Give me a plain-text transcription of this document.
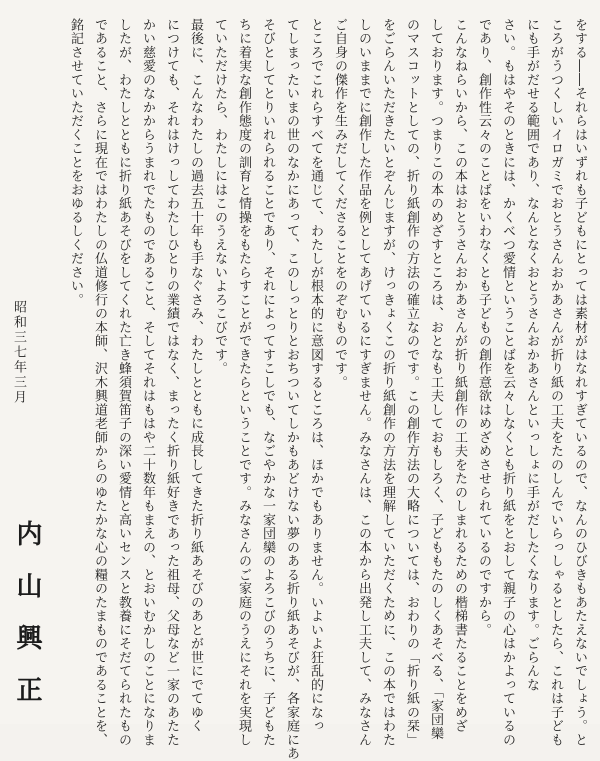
をする――それらはいずれも子どもにとっては素材がはなれすぎているので、なんのひびきもあたえないでしょう。と
ころがうつくしいイロガミでおとうさんおかあさんが折り紙の工夫をたのしんでいらっしゃるとしたら、これは子ども
にも手がだせる範囲であり、なんとなくおとうさんおかあさんといっしょに手がだしたくなります。ごらんな
さい。もはやそのときには、かくべつ愛情ということばを云々しなくとも折り紙をとおして親子の心はかよっているの
であり、創作性云々のことばをいわなくとも子どもの創作意欲はめざめさせられているのですから。
こんなねらいから、この本はおとうさんおかあさんが折り紙創作の工夫をたのしまれるための楷梯書たることをめざ
しております。つまりこの本のめざすところは、おとなも工夫しておもしろく、子どももたのしくあそべる、「家団欒
のマスコットとしての、折り紙創作の方法の確立なのです。この創作方法の大略については、おわりの「折り紙の栞」
をごらんいただきたいとぞんじますが、けっきょくこの折り紙創作の方法を理解していただくために、この本ではわた
しのいままでに創作した作品を例としてあげているにすぎません。みなさんは、この本から出発し工夫して、みなさん
ご自身の傑作を生みだしてくださることをのぞむものです。
ところでこれらすべてを通じて、わたしが根本的に意図するところは、ほかでもありません。いよいよ狂乱的になっ
てしまったいまの世のなかにあって、このしっとりとおちついてしかもあどけない夢のある折り紙あそびが、各家庭にあ
そびとしてとりいれられることであり、それによってすこしでも、なごやかな一家団欒のよろこびのうちに、子どもた
ちに着実な創作態度の訓育と情操をもたらすことができたらということです。みなさんのご家庭のうえにそれを実現し
ていただけたら、わたしにはこのうえないよろこびです。
最後に、こんなわたしの過去五十年も手なぐさみ、わたしとともに成長してきた折り紙あそびのあとが世にでてゆく
につけても、それはけっしてわたしひとりの業績ではなく、まったく折り紙好きであった祖母、父母など一家のあたた
かい慈愛のなかからうまれでたものであること、そしてそれはもはや二十数年もまえの、とおいむかしのことになりま
したが、わたしとともに折り紙あそびをしてくれた亡き蜂須賀笛子の深い愛情と高いセンスと教養にそだてられたもの
であること、さらに現在ではわたしの仏道修行の本師、沢木興道老師からのゆたかな心の糧のたまものであることを、
銘記させていただくことをおゆるしください。
昭和三七年三月
内山興正
